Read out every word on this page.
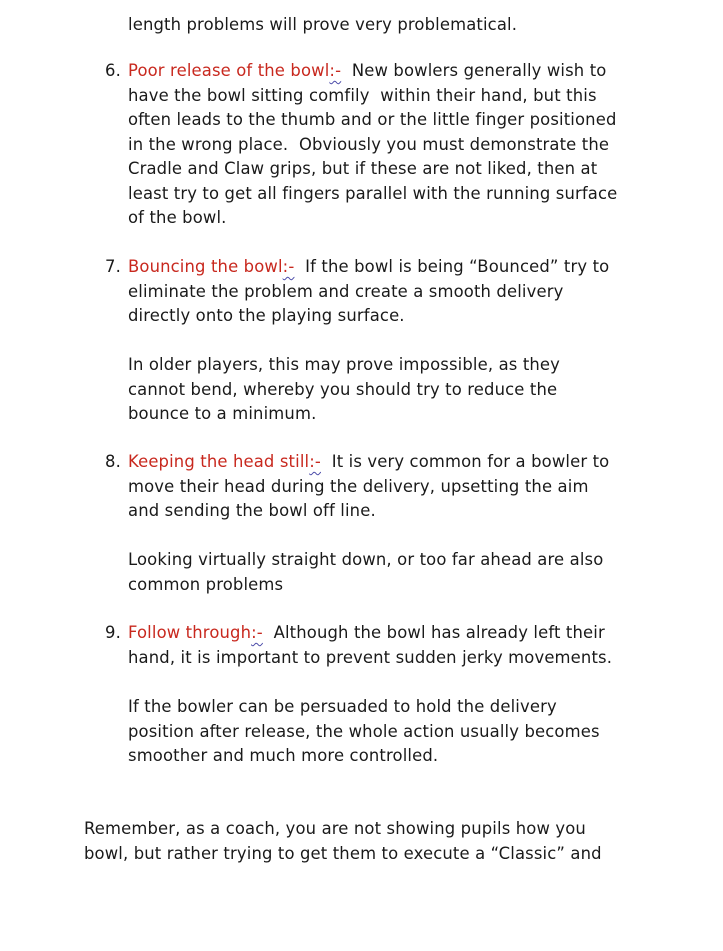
length problems will prove very problematical.

6. Poor release of the bowl:-  New bowlers generally wish to
have the bowl sitting comfily  within their hand, but this
often leads to the thumb and or the little finger positioned
in the wrong place.  Obviously you must demonstrate the
Cradle and Claw grips, but if these are not liked, then at
least try to get all fingers parallel with the running surface
of the bowl.

7. Bouncing the bowl:-  If the bowl is being “Bounced” try to
eliminate the problem and create a smooth delivery
directly onto the playing surface.

In older players, this may prove impossible, as they
cannot bend, whereby you should try to reduce the
bounce to a minimum.

8. Keeping the head still:-  It is very common for a bowler to
move their head during the delivery, upsetting the aim
and sending the bowl off line.

Looking virtually straight down, or too far ahead are also
common problems

9. Follow through:-  Although the bowl has already left their
hand, it is important to prevent sudden jerky movements.

If the bowler can be persuaded to hold the delivery
position after release, the whole action usually becomes
smoother and much more controlled.

Remember, as a coach, you are not showing pupils how you
bowl, but rather trying to get them to execute a “Classic” and
